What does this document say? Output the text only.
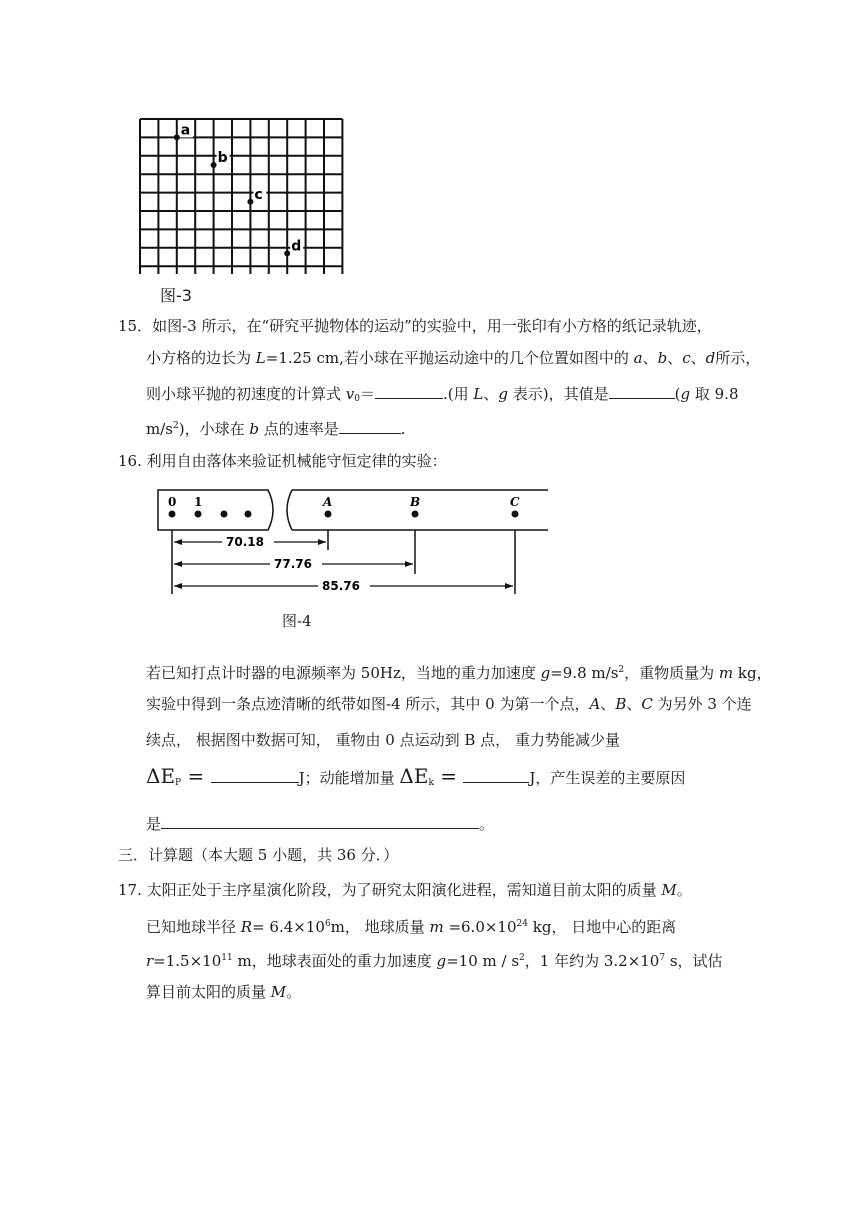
a
b
c
d
图-3
15．如图-3 所示，在“研究平抛物体的运动”的实验中，用一张印有小方格的纸记录轨迹，
小方格的边长为 L=1.25 cm,若小球在平抛运动途中的几个位置如图中的 a、b、c、d所示，
则小球平抛的初速度的计算式 $v_0=$	.(用 L、g 表示)，其值是	(g 取 9.8
$m/s^2$)，小球在 b 点的速率是	.
16. 利用自由落体来验证机械能守恒定律的实验：
0 1	A	B	C
70.18
77.76
85.76
图-4
若已知打点计时器的电源频率为 50Hz，当地的重力加速度 g=9.8 $m/s^2$，重物质量为 m kg，
实验中得到一条点迹清晰的纸带如图-4 所示，其中 0 为第一个点，A、B、C 为另外 3 个连
续点， 根据图中数据可知， 重物由 0 点运动到 B 点， 重力势能减少量
$\Delta E_P$ =	J；动能增加量 $\Delta E_k$ =	J，产生误差的主要原因
是	。
三．计算题（本大题 5 小题，共 36 分．）
17. 太阳正处于主序星演化阶段，为了研究太阳演化进程，需知道目前太阳的质量 M。
已知地球半径 $R= 6.4\times 10^6m$， 地球质量 $m =6.0\times 10^{24}$ kg， 日地中心的距离
$r=1.5\times 10^{11}$ m，地球表面处的重力加速度 g=10 m / $s^2$，1 年约为 $3.2\times 10^7$ s，试估
算目前太阳的质量 M。
